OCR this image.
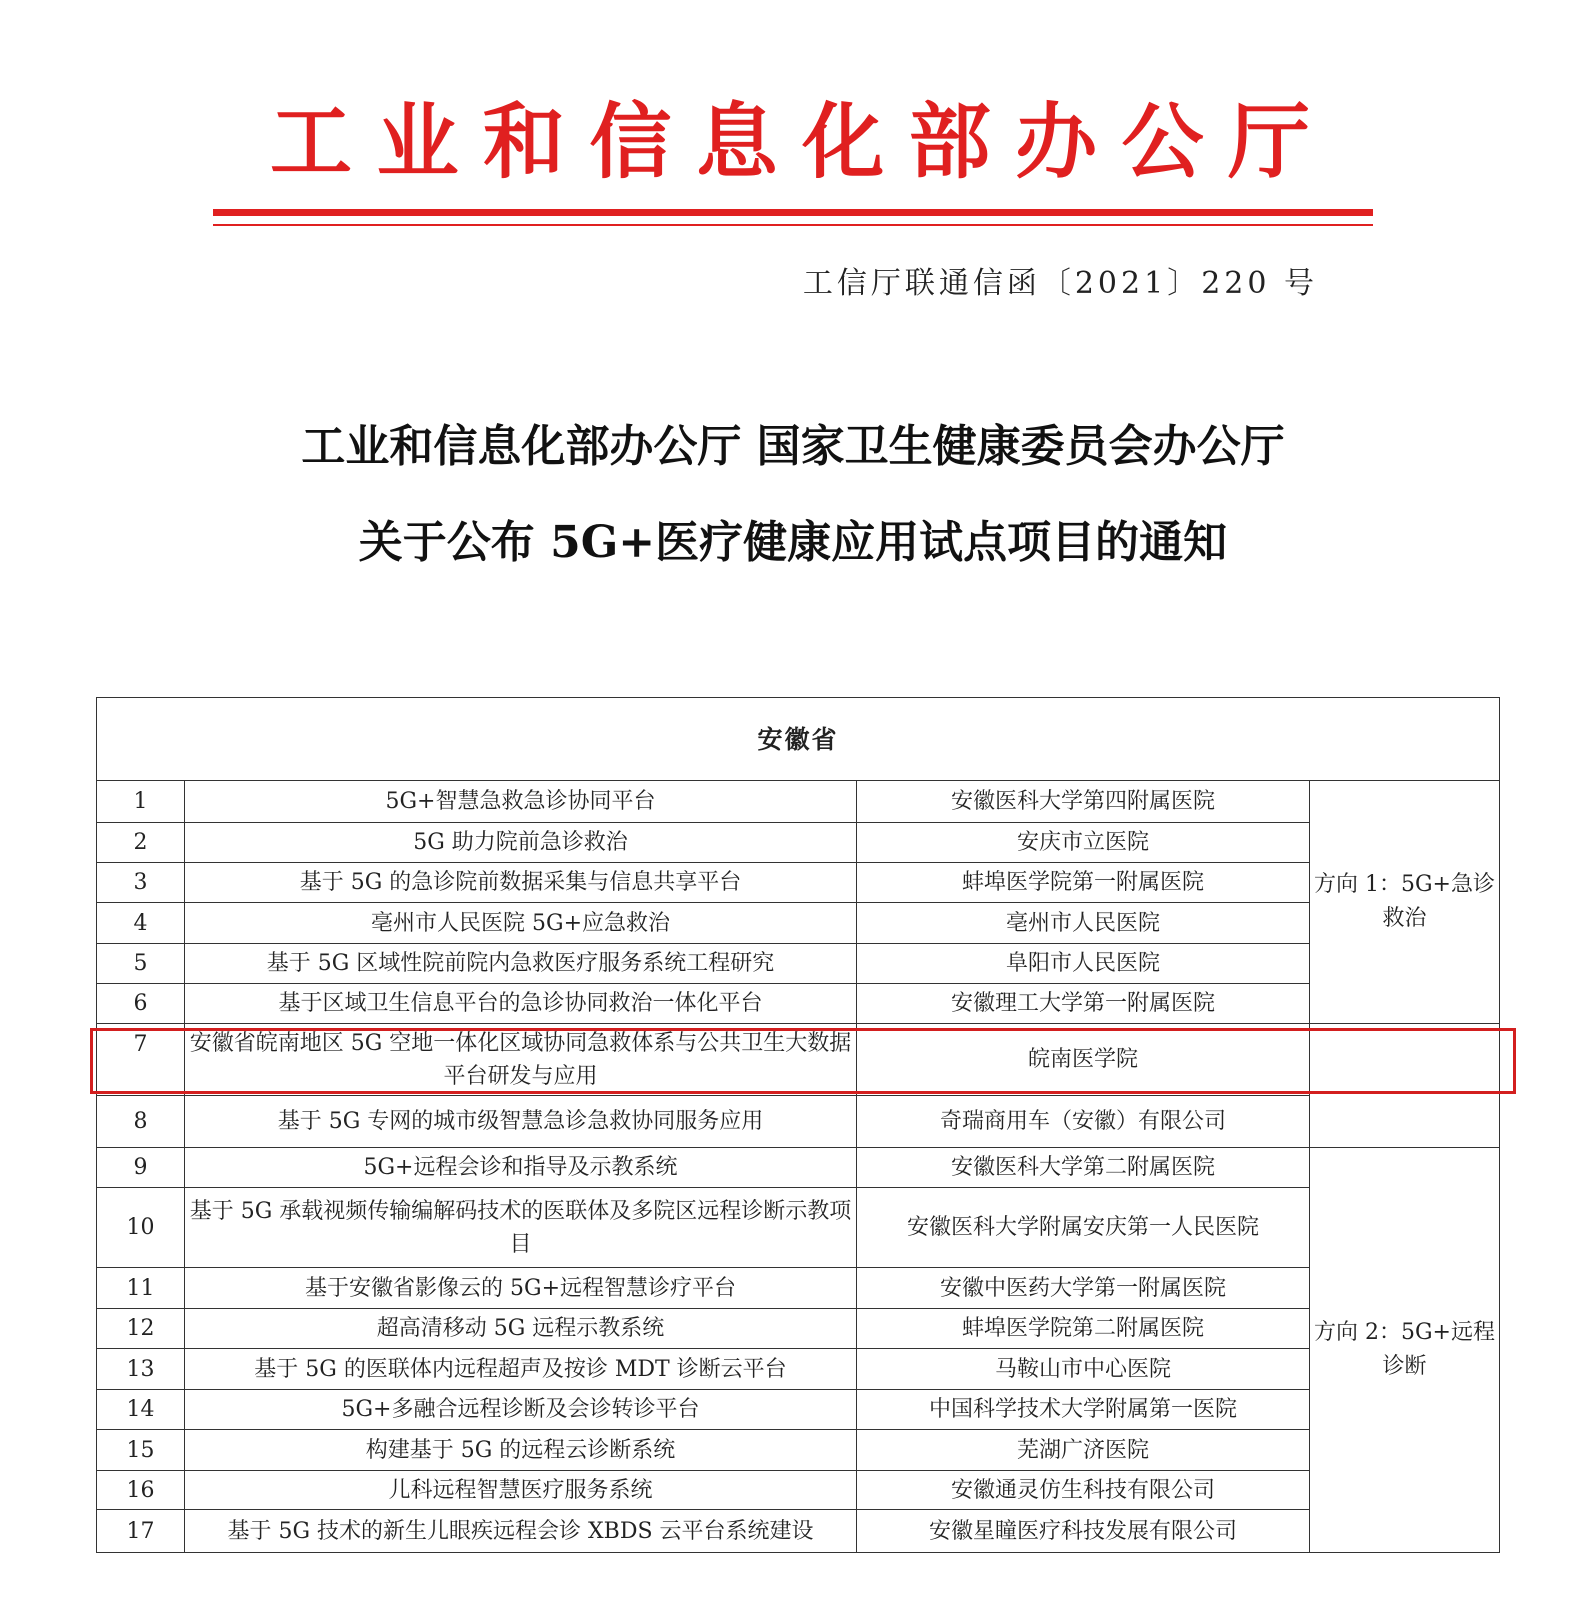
工 业 和 信 息 化 部 办 公 厅
工信厅联通信函〔2021〕220 号
工业和信息化部办公厅 国家卫生健康委员会办公厅
关于公布 5G+医疗健康应用试点项目的通知
安徽省			
1	5G+智慧急救急诊协同平台	安徽医科大学第四附属医院	方向 1：5G+急诊救治
2	5G 助力院前急诊救治	安庆市立医院	
3	基于 5G 的急诊院前数据采集与信息共享平台	蚌埠医学院第一附属医院	
4	亳州市人民医院 5G+应急救治	亳州市人民医院	
5	基于 5G 区域性院前院内急救医疗服务系统工程研究	阜阳市人民医院	
6	基于区域卫生信息平台的急诊协同救治一体化平台	安徽理工大学第一附属医院	
7	安徽省皖南地区 5G 空地一体化区域协同急救体系与公共卫生大数据平台研发与应用	皖南医学院	
8	基于 5G 专网的城市级智慧急诊急救协同服务应用	奇瑞商用车（安徽）有限公司	
9	5G+远程会诊和指导及示教系统	安徽医科大学第二附属医院	方向 2：5G+远程诊断
10	基于 5G 承载视频传输编解码技术的医联体及多院区远程诊断示教项目	安徽医科大学附属安庆第一人民医院	
11	基于安徽省影像云的 5G+远程智慧诊疗平台	安徽中医药大学第一附属医院	
12	超高清移动 5G 远程示教系统	蚌埠医学院第二附属医院	
13	基于 5G 的医联体内远程超声及按诊 MDT 诊断云平台	马鞍山市中心医院	
14	5G+多融合远程诊断及会诊转诊平台	中国科学技术大学附属第一医院	
15	构建基于 5G 的远程云诊断系统	芜湖广济医院	
16	儿科远程智慧医疗服务系统	安徽通灵仿生科技有限公司	
17	基于 5G 技术的新生儿眼疾远程会诊 XBDS 云平台系统建设	安徽星瞳医疗科技发展有限公司	
